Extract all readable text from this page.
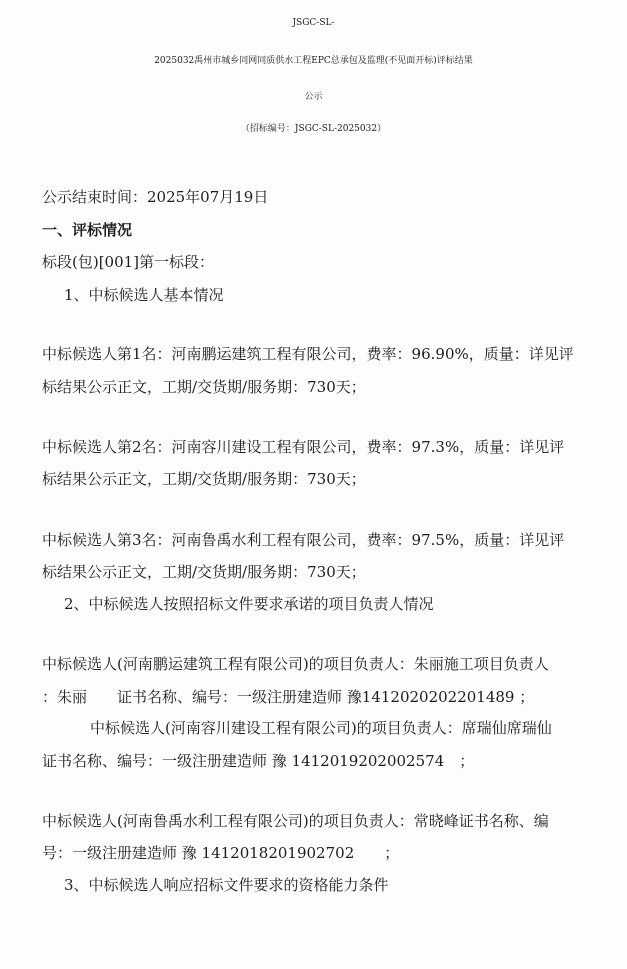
JSGC-SL-
2025032禹州市城乡同网同质供水工程EPC总承包及监理(不见面开标)评标结果
公示
（招标编号：JSGC-SL-2025032）
公示结束时间：2025年07月19日
一、评标情况
标段(包)[001]第一标段：
1、中标候选人基本情况
中标候选人第1名：河南鹏运建筑工程有限公司，费率：96.90%，质量：详见评
标结果公示正文，工期/交货期/服务期：730天；
中标候选人第2名：河南容川建设工程有限公司，费率：97.3%，质量：详见评
标结果公示正文，工期/交货期/服务期：730天；
中标候选人第3名：河南鲁禹水利工程有限公司，费率：97.5%，质量：详见评
标结果公示正文，工期/交货期/服务期：730天；
2、中标候选人按照招标文件要求承诺的项目负责人情况
中标候选人(河南鹏运建筑工程有限公司)的项目负责人：朱丽施工项目负责人
：朱丽　　证书名称、编号：一级注册建造师 豫1412020202201489 ；
中标候选人(河南容川建设工程有限公司)的项目负责人：席瑞仙席瑞仙
证书名称、编号：一级注册建造师 豫 1412019202002574　；
中标候选人(河南鲁禹水利工程有限公司)的项目负责人：常晓峰证书名称、编
号：一级注册建造师 豫 1412018201902702　　；
3、中标候选人响应招标文件要求的资格能力条件
